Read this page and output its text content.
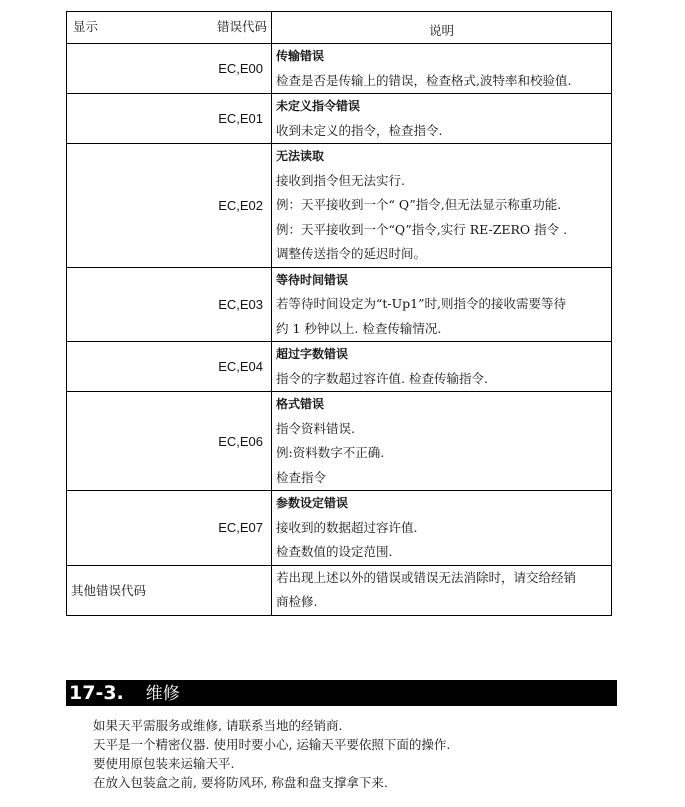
显示 错误代码	说明
EC,E00	传输错误
检查是否是传输上的错误，检查格式,波特率和校验值.

EC,E01	未定义指令错误
收到未定义的指令，检查指令.

EC,E02	无法读取
接收到指令但无法实行.
例：天平接收到一个“ Q”指令,但无法显示称重功能.
例：天平接收到一个“Q”指令,实行 RE-ZERO 指令 .
调整传送指令的延迟时间。

EC,E03	等待时间错误
若等待时间设定为“t-Up1”时,则指令的接收需要等待
约 1 秒钟以上. 检查传输情况.

EC,E04	超过字数错误
指令的字数超过容许值. 检查传输指令.

EC,E06	格式错误
指令资料错误.
例:资料数字不正确.
检查指令

EC,E07	参数设定错误
接收到的数据超过容许值.
检查数值的设定范围.

其他错误代码	若出现上述以外的错误或错误无法消除时，请交给经销
商检修.
17-3. 维修
如果天平需服务或维修, 请联系当地的经销商.
天平是一个精密仪器. 使用时要小心, 运输天平要依照下面的操作.
要使用原包装来运输天平.
在放入包装盒之前, 要将防风环, 称盘和盘支撑拿下来.
